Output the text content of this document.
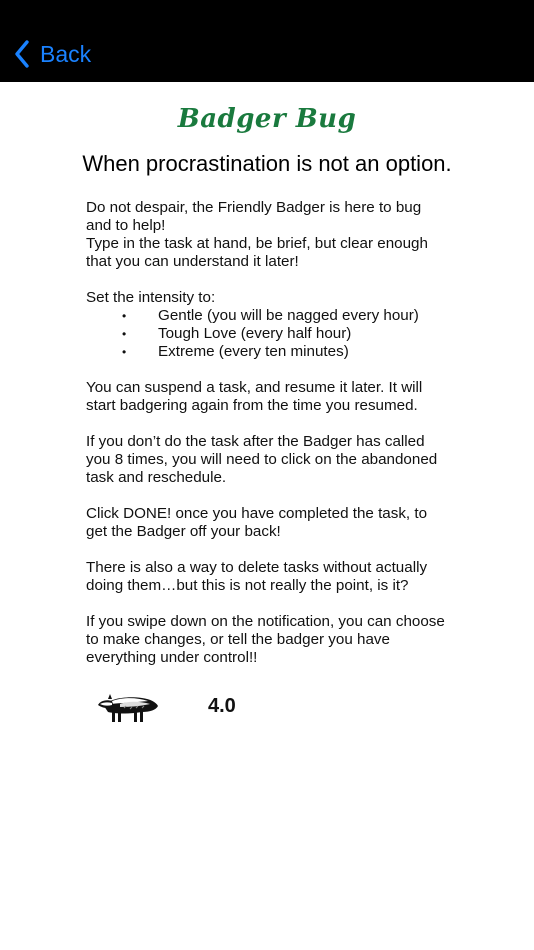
Back
Badger Bug
When procrastination is not an option.

Do not despair, the Friendly Badger is here to bug and to help!

Type in the task at hand, be brief, but clear enough that you can understand it later!

Set the intensity to:

• Gentle (you will be nagged every hour)
• Tough Love (every half hour)
• Extreme (every ten minutes)

You can suspend a task, and resume it later. It will start badgering again from the time you resumed.

If you don’t do the task after the Badger has called you 8 times, you will need to click on the abandoned task and reschedule.

Click DONE! once you have completed the task, to get the Badger off your back!

There is also a way to delete tasks without actually doing them…but this is not really the point, is it?

If you swipe down on the notification, you can choose to make changes, or tell the badger you have everything under control!!

4.0
